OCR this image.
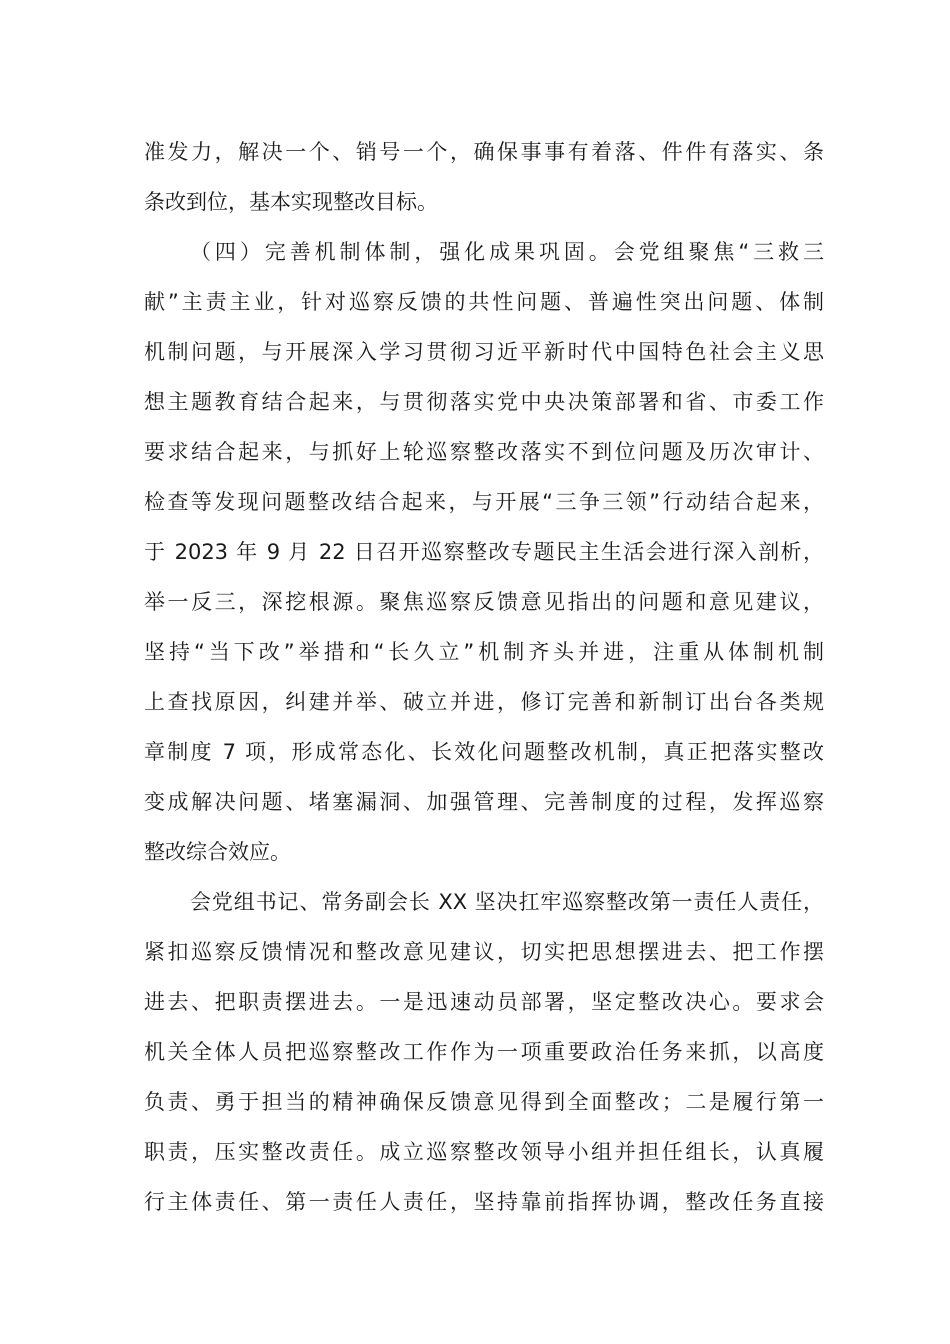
准发力，解决一个、销号一个，确保事事有着落、件件有落实、条
条改到位，基本实现整改目标。
（四）完善机制体制，强化成果巩固。会党组聚焦“三救三
献”主责主业，针对巡察反馈的共性问题、普遍性突出问题、体制
机制问题，与开展深入学习贯彻习近平新时代中国特色社会主义思
想主题教育结合起来，与贯彻落实党中央决策部署和省、市委工作
要求结合起来，与抓好上轮巡察整改落实不到位问题及历次审计、
检查等发现问题整改结合起来，与开展“三争三领”行动结合起来，
于 2023 年 9 月 22 日召开巡察整改专题民主生活会进行深入剖析，
举一反三，深挖根源。聚焦巡察反馈意见指出的问题和意见建议，
坚持“当下改”举措和“长久立”机制齐头并进，注重从体制机制
上查找原因，纠建并举、破立并进，修订完善和新制订出台各类规
章制度 7 项，形成常态化、长效化问题整改机制，真正把落实整改
变成解决问题、堵塞漏洞、加强管理、完善制度的过程，发挥巡察
整改综合效应。
会党组书记、常务副会长 XX 坚决扛牢巡察整改第一责任人责任，
紧扣巡察反馈情况和整改意见建议，切实把思想摆进去、把工作摆
进去、把职责摆进去。一是迅速动员部署，坚定整改决心。要求会
机关全体人员把巡察整改工作作为一项重要政治任务来抓，以高度
负责、勇于担当的精神确保反馈意见得到全面整改；二是履行第一
职责，压实整改责任。成立巡察整改领导小组并担任组长，认真履
行主体责任、第一责任人责任，坚持靠前指挥协调，整改任务直接
